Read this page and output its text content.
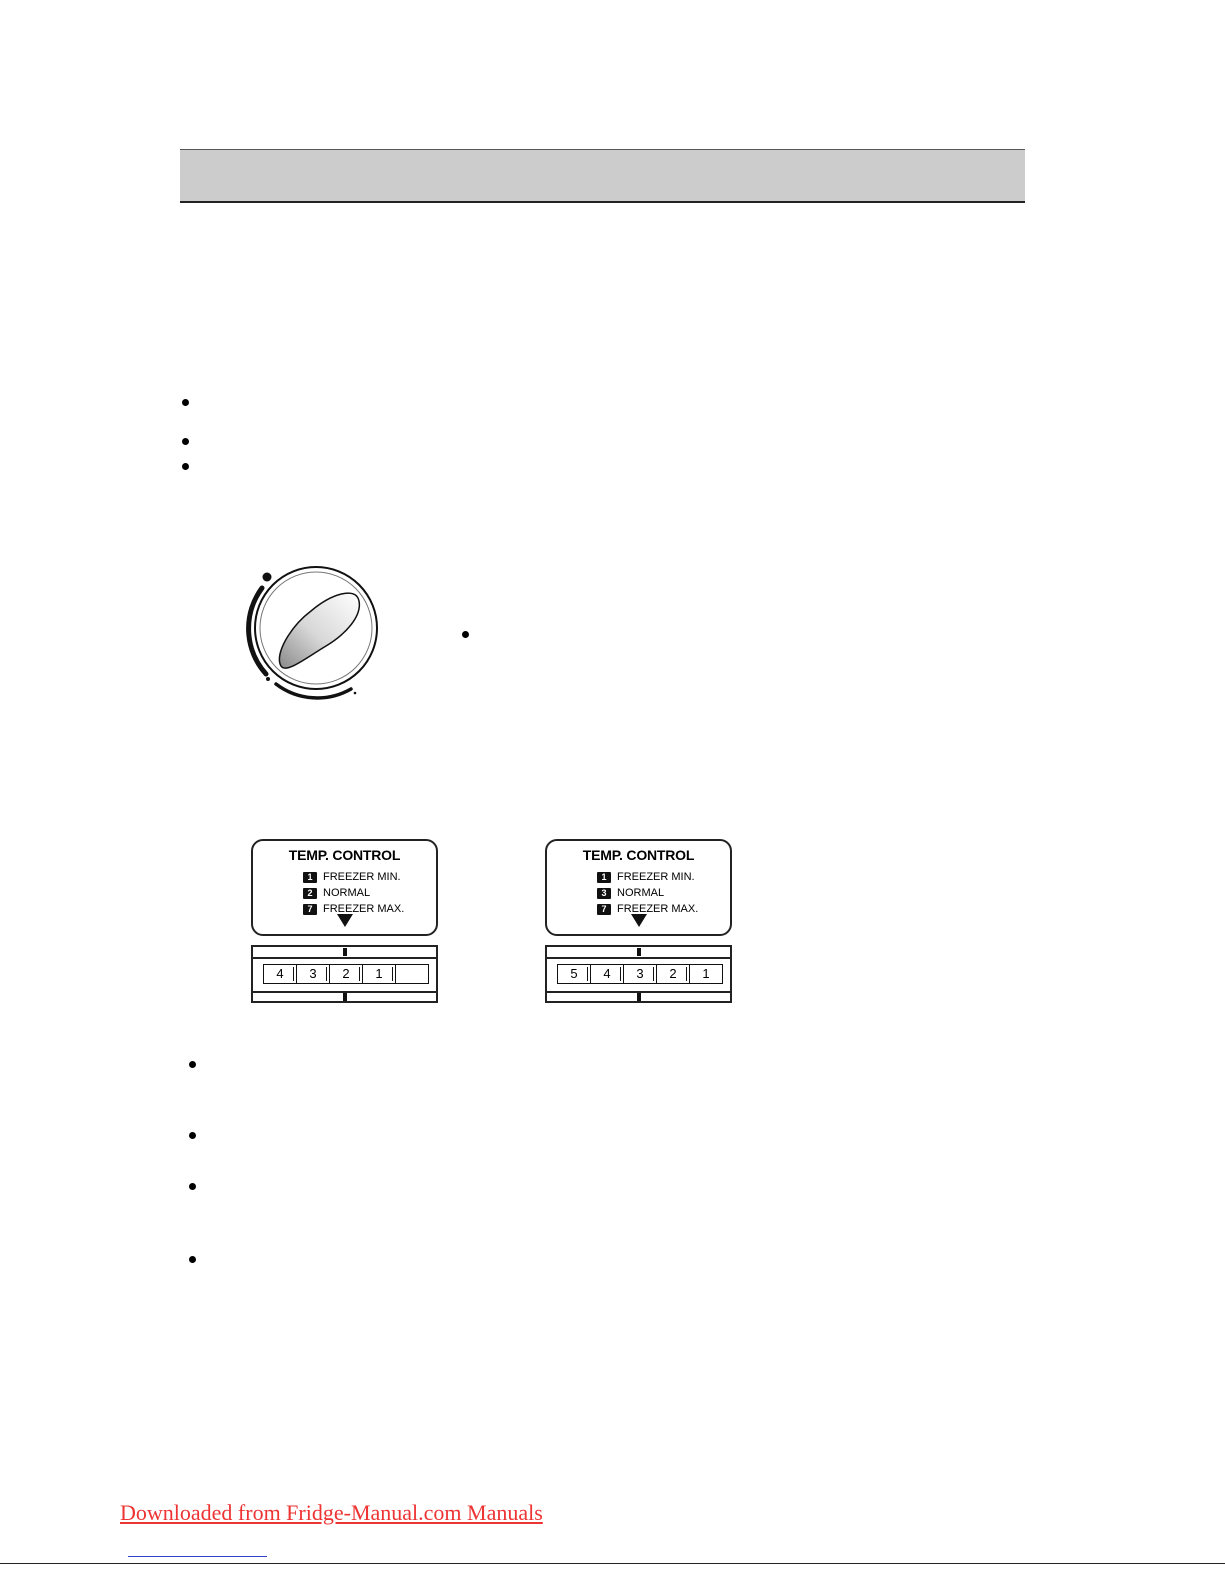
TEMP. CONTROL
1 FREEZER MIN.
2 NORMAL
7 FREEZER MAX.
4	3	2	1
TEMP. CONTROL
1 FREEZER MIN.
3 NORMAL
7 FREEZER MAX.
5	4	3	2	1
Downloaded from Fridge-Manual.com Manuals
